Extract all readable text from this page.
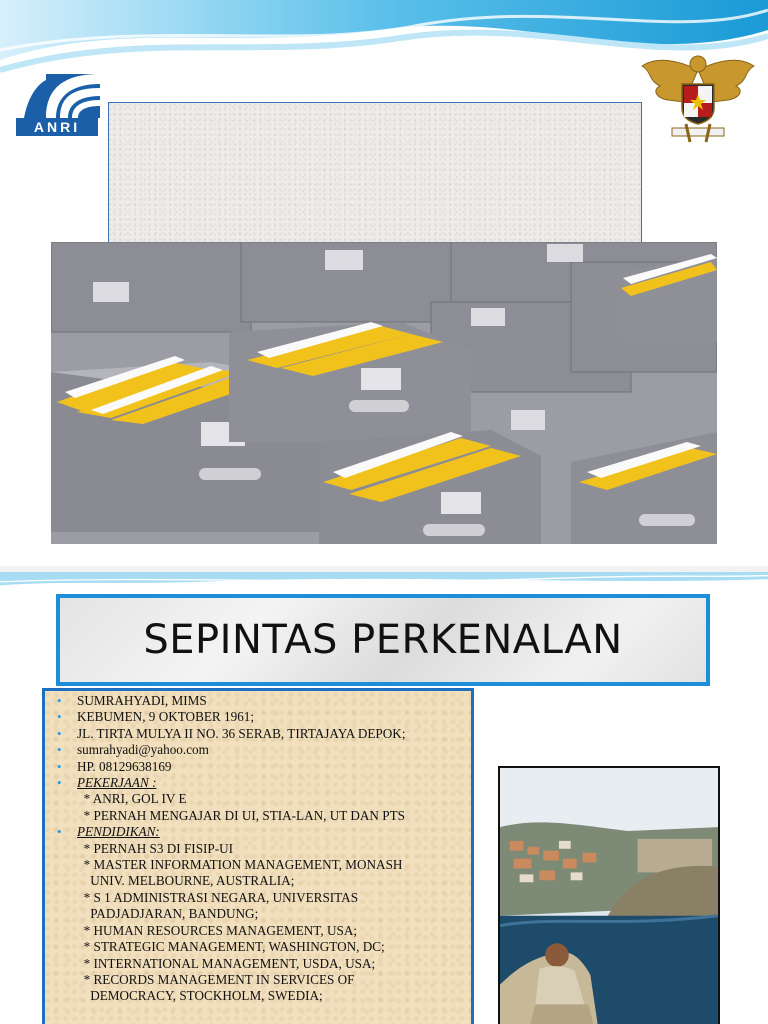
ANRI
SEPINTAS PERKENALAN
• SUMRAHYADI, MIMS
• KEBUMEN, 9 OKTOBER 1961;
• JL. TIRTA MULYA II NO. 36 SERAB, TIRTAJAYA DEPOK;
• sumrahyadi@yahoo.com
• HP. 08129638169
• PEKERJAAN :
* ANRI, GOL IV E
* PERNAH MENGAJAR DI UI, STIA-LAN, UT DAN PTS
• PENDIDIKAN:
* PERNAH S3 DI FISIP-UI
* MASTER INFORMATION MANAGEMENT, MONASH
UNIV. MELBOURNE, AUSTRALIA;
* S 1 ADMINISTRASI NEGARA, UNIVERSITAS
PADJADJARAN, BANDUNG;
* HUMAN RESOURCES MANAGEMENT, USA;
* STRATEGIC MANAGEMENT, WASHINGTON, DC;
* INTERNATIONAL MANAGEMENT, USDA, USA;
* RECORDS MANAGEMENT IN SERVICES OF
DEMOCRACY, STOCKHOLM, SWEDIA;
